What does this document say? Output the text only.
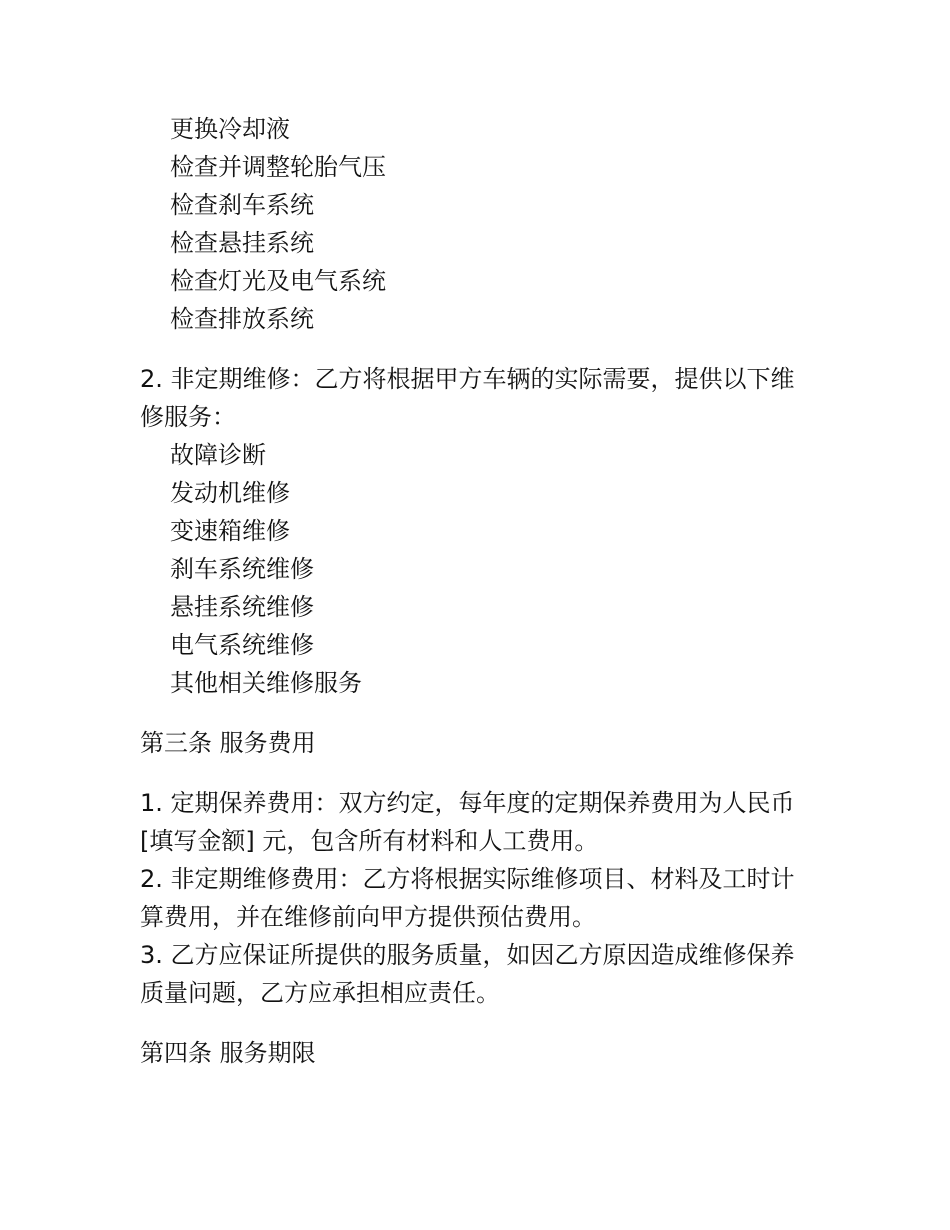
更换冷却液
检查并调整轮胎气压
检查刹车系统
检查悬挂系统
检查灯光及电气系统
检查排放系统

2. 非定期维修：乙方将根据甲方车辆的实际需要，提供以下维修服务：

故障诊断
发动机维修
变速箱维修
刹车系统维修
悬挂系统维修
电气系统维修
其他相关维修服务

第三条 服务费用

1. 定期保养费用：双方约定，每年度的定期保养费用为人民币 [填写金额] 元，包含所有材料和人工费用。

2. 非定期维修费用：乙方将根据实际维修项目、材料及工时计算费用，并在维修前向甲方提供预估费用。

3. 乙方应保证所提供的服务质量，如因乙方原因造成维修保养质量问题，乙方应承担相应责任。

第四条 服务期限
